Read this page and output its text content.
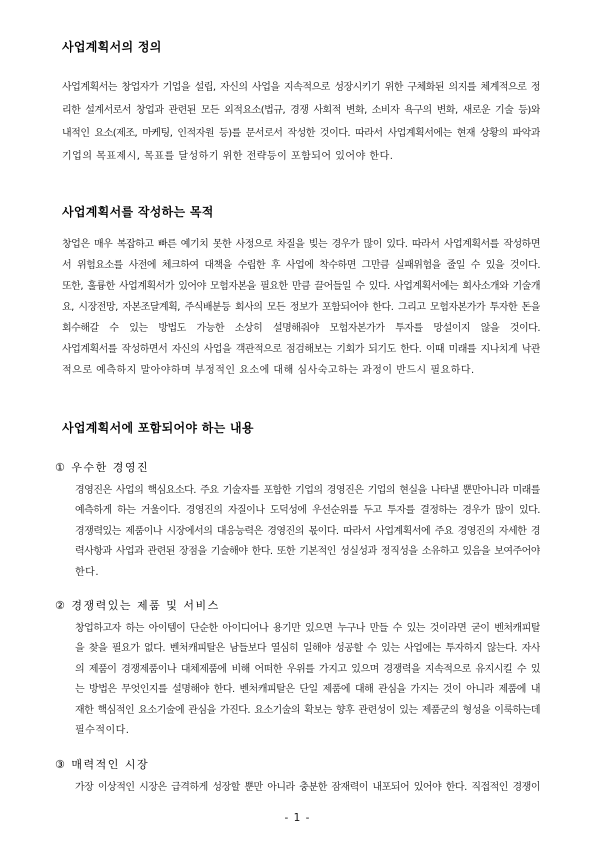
사업계획서의 정의
사업계획서는 창업자가 기업을 설립, 자신의 사업을 지속적으로 성장시키기 위한 구체화된 의지를 체계적으로 정
리한 설계서로서 창업과 관련된 모든 외적요소(법규, 경쟁 사회적 변화, 소비자 욕구의 변화, 새로운 기술 등)와
내적인 요소(제조, 마케팅, 인적자원 등)를 문서로서 작성한 것이다. 따라서 사업계획서에는 현재 상황의 파악과
기업의 목표제시, 목표를 달성하기 위한 전략등이 포함되어 있어야 한다.
사업계획서를 작성하는 목적
창업은 매우 복잡하고 빠른 예기치 못한 사정으로 차질을 빚는 경우가 많이 있다. 따라서 사업계획서를 작성하면
서 위험요소를 사전에 체크하여 대책을 수립한 후 사업에 착수하면 그만큼 실패위험을 줄일 수 있을 것이다.
또한, 훌륭한 사업계획서가 있어야 모험자본을 필요한 만큼 끌어들일 수 있다. 사업계획서에는 회사소개와 기술개
요, 시장전망, 자본조달계획, 주식배분등 회사의 모든 정보가 포함되어야 한다. 그리고 모험자본가가 투자한 돈을
회수해갈 수 있는 방법도 가능한 소상히 설명해줘야 모험자본가가 투자를 망설이지 않을 것이다.
사업계획서를 작성하면서 자신의 사업을 객관적으로 점검해보는 기회가 되기도 한다. 이때 미래를 지나치게 낙관
적으로 예측하지 말아야하며 부정적인 요소에 대해 심사숙고하는 과정이 반드시 필요하다.
사업계획서에 포함되어야 하는 내용
① 우수한 경영진
경영진은 사업의 핵심요소다. 주요 기술자를 포함한 기업의 경영진은 기업의 현실을 나타낼 뿐만아니라 미래를
예측하게 하는 거울이다. 경영진의 자질이나 도덕성에 우선순위를 두고 투자를 결정하는 경우가 많이 있다.
경쟁력있는 제품이나 시장에서의 대응능력은 경영진의 몫이다. 따라서 사업계획서에 주요 경영진의 자세한 경
력사항과 사업과 관련된 장점을 기술해야 한다. 또한 기본적인 성실성과 정직성을 소유하고 있음을 보여주어야
한다.
② 경쟁력있는 제품 및 서비스
창업하고자 하는 아이템이 단순한 아이디어나 용기만 있으면 누구나 만들 수 있는 것이라면 굳이 벤처캐피탈
을 찾을 필요가 없다. 벤처캐피탈은 남들보다 열심히 일해야 성공할 수 있는 사업에는 투자하지 않는다. 자사
의 제품이 경쟁제품이나 대체제품에 비해 어떠한 우위를 가지고 있으며 경쟁력을 지속적으로 유지시킬 수 있
는 방법은 무엇인지를 설명해야 한다. 벤처캐피탈은 단일 제품에 대해 관심을 가지는 것이 아니라 제품에 내
재한 핵심적인 요소기술에 관심을 가진다. 요소기술의 확보는 향후 관련성이 있는 제품군의 형성을 이룩하는데
필수적이다.
③ 매력적인 시장
가장 이상적인 시장은 급격하게 성장할 뿐만 아니라 충분한 잠재력이 내포되어 있어야 한다. 직접적인 경쟁이
- 1 -
